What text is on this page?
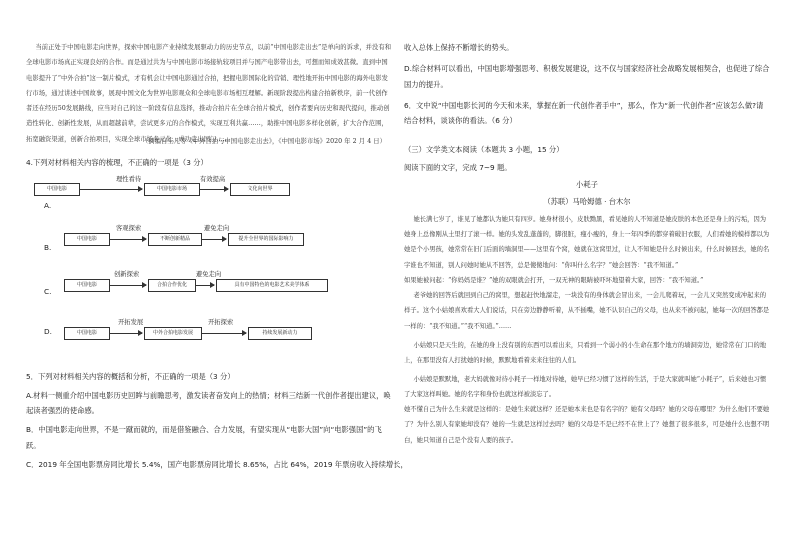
当前正处于中国电影走向世界，探索中国电影产业持续发展驱动力的历史节点，以前“中国电影走出去”是单向的诉求，并没有和全球电影市场真正实现良好的合作。而是通过共为与中国电影市场接轨较项目并与国产电影带出去，可想而知成效甚微。直到中国电影提升了“中外合拍”这一制片模式，才有机会让中国电影通过合拍，把握电影国际化的营销、理性地开拓中国电影的海外电影发行市场，通过讲述中国故事，展现中国文化为世界电影观众和全球电影市场相互理解。新现阶段提出构建合拍新秩序，前一代创作者还在经历50发展路线，应当对自己的这一阶段有信息选择，推动合拍片在全球合拍片模式，创作者要向历史和现代提问，推动创造性转化、创新性发展，从而超越前辈，尝试更多元的合作模式，实现互利共赢……，助推中国电影多样化创新，扩大合作范围，拓宽融资渠道，创新合拍项目，实现全球市场多元化，成功走出国门……

（摘编自王凡等《中外合拍与中国电影走出去》，《中国电影市场》2020 年 2 月 4 日）

4.下列对材料相关内容的梳理，不正确的一项是（3 分）

中国电影
理性看待
中国电影市场
有效提高
文化向世界
A.
中国电影
客观探索
不断创新精品
避免走向
提升全世界的国际影响力
B.
中国电影
创新探索
合拍合作优化
避免走向
具有中国特色的电影艺术美学体系
C.
中国电影
开拓发展
中外合拍电影发展
开拓探索
持续发展新动力
D.

5．下列对材料相关内容的概括和分析，不正确的一项是（3 分）

A.材料一侧重介绍中国电影历史回眸与前瞻思考，激发读者奋发向上的热情；材料三结新一代创作者提出建议，唤起读者强烈的使命感。

B．中国电影走向世界，不是一蹴而就的，而是借鉴融合、合力发展，有望实现从“电影大国”向“电影强国”的飞跃。

C．2019 年全国电影票房同比增长 5.4%，国产电影票房同比增长 8.65%，占比 64%，2019 年票房收入持续增长，

收入总体上保持不断增长的势头。

D.综合材料可以看出，中国电影增强思考、积极发展建设，这不仅与国家经济社会战略发展相契合，也促进了综合国力的提升。

6．文中说“中国电影长河的今天和未来，掌握在新一代创作者手中”，那么，作为“新一代创作者”应该怎么做?请结合材料，谈谈你的看法。（6 分）

（三）文学类文本阅读（本题共 3 小题，15 分）

阅读下面的文字，完成 7~9 题。

小耗子

（苏联）马哈姆德 · 台木尔

她长满七岁了，谁见了她都认为她只有四岁。她身材很小，皮肤黝黑，看见她的人不知道是她皮肤的本色还是身上的污垢，因为她身上总像刚从土里打了滚一样。她的头发乱蓬蓬的，脚很脏，瘦小瘦的，身上一年四季的都穿着破旧衣服，人们看她的模样都以为她是个小男孩，她常常在旧门后面的墙洞里——这里有个窝，她就在这窝里过，让人不知她是什么时候出来，什么时候回去，她的名字谁也不知道，别人问她时她从不回答，总是傻傻地问：“你叫什么名字？”她会回答：“我不知道。”

如果她被问起：“你妈妈是谁？”她的双眼就会打开，一双无神的眼睛被吓坏地望着大家，回答：“我不知道。”

老爷她的回答后就回到自己的窝里，想起赶快地溜走，一块没有的身体就会冒出来，一会儿爬着玩，一会儿又突然变成冲起来的样子。这个小姑娘喜欢看大人们说话，只在旁边静静听着，从不插嘴，她不认识自己的父母，也从来不被问起，她每一次的回答都是一样的：“我不知道。”“我不知道。”……

小姑娘只是天生的，在她的身上没有别的东西可以看出来，只看到一个弱小的小生命在那个地方的墙洞旁边，她常常在门口的地上，在那里没有人打扰她的时候，默默地看着来来往往的人们。

小姑娘是默默地，老大妈就像对待小耗子一样地对待她，她早已经习惯了这样的生活，于是大家就叫她“小耗子”，后来她也习惯了大家这样叫她。她的名字和身份也就这样被淡忘了。

她不懂自己为什么生来就是这样的：是她生来就这样？还是她本来也是有名字的？她有父母吗？她的父母在哪里？为什么他们不要她了？为什么别人有家她却没有？她的一生就是这样过去吗？她的父母是不是已经不在世上了？她想了很多很多，可是她什么也想不明白，她只知道自己是个没有人要的孩子。
